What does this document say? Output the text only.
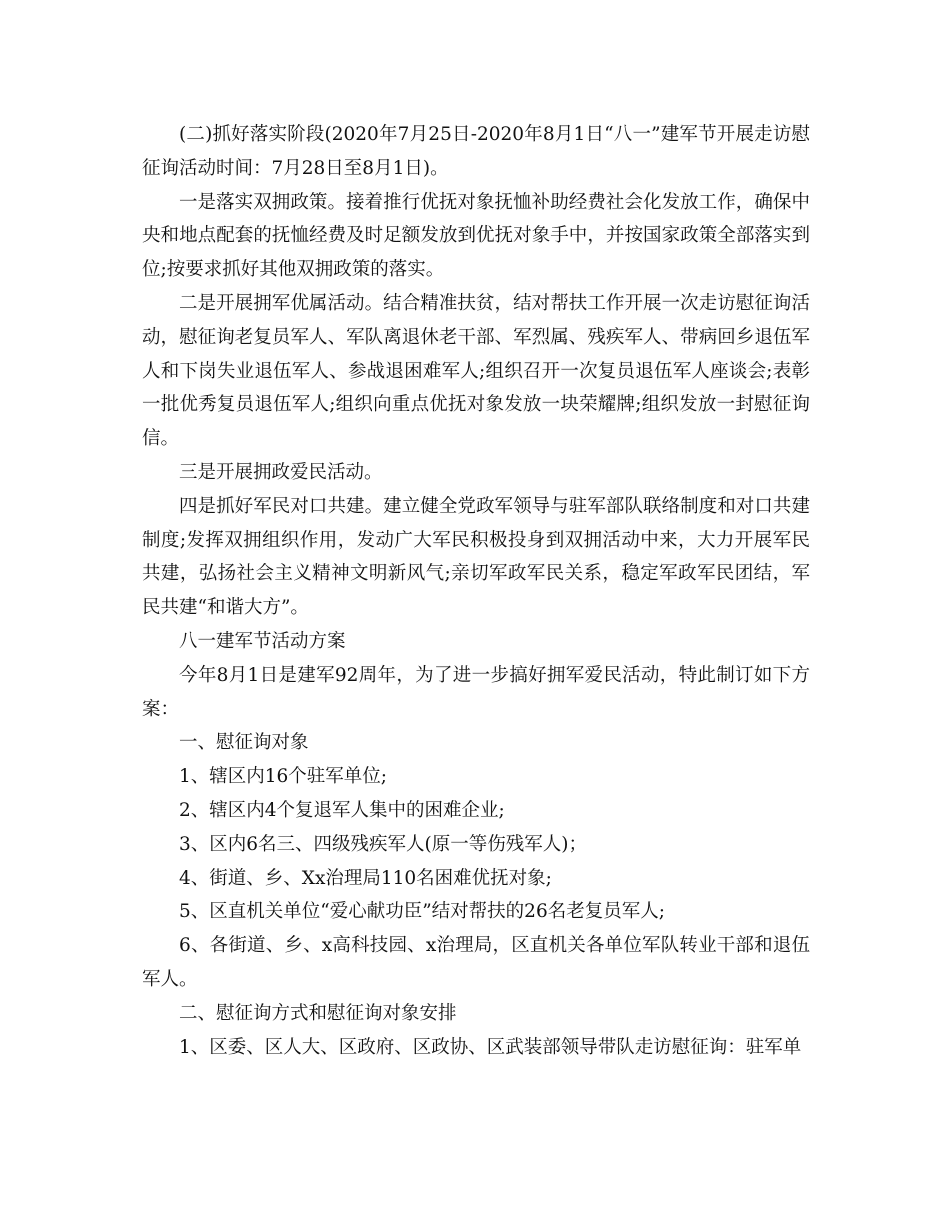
(二)抓好落实阶段(2020年7月25日-2020年8月1日“八一”建军节开展走访慰征询活动时间：7月28日至8月1日)。

一是落实双拥政策。接着推行优抚对象抚恤补助经费社会化发放工作，确保中央和地点配套的抚恤经费及时足额发放到优抚对象手中，并按国家政策全部落实到位;按要求抓好其他双拥政策的落实。

二是开展拥军优属活动。结合精准扶贫，结对帮扶工作开展一次走访慰征询活动，慰征询老复员军人、军队离退休老干部、军烈属、残疾军人、带病回乡退伍军人和下岗失业退伍军人、参战退困难军人;组织召开一次复员退伍军人座谈会;表彰一批优秀复员退伍军人;组织向重点优抚对象发放一块荣耀牌;组织发放一封慰征询信。

三是开展拥政爱民活动。

四是抓好军民对口共建。建立健全党政军领导与驻军部队联络制度和对口共建制度;发挥双拥组织作用，发动广大军民积极投身到双拥活动中来，大力开展军民共建，弘扬社会主义精神文明新风气;亲切军政军民关系，稳定军政军民团结，军民共建“和谐大方”。

八一建军节活动方案

今年8月1日是建军92周年，为了进一步搞好拥军爱民活动，特此制订如下方案：

一、慰征询对象

1、辖区内16个驻军单位;

2、辖区内4个复退军人集中的困难企业;

3、区内6名三、四级残疾军人(原一等伤残军人)；

4、街道、乡、Xx治理局110名困难优抚对象;

5、区直机关单位“爱心献功臣”结对帮扶的26名老复员军人;

6、各街道、乡、x高科技园、x治理局，区直机关各单位军队转业干部和退伍军人。

二、慰征询方式和慰征询对象安排

1、区委、区人大、区政府、区政协、区武装部领导带队走访慰征询：驻军单
